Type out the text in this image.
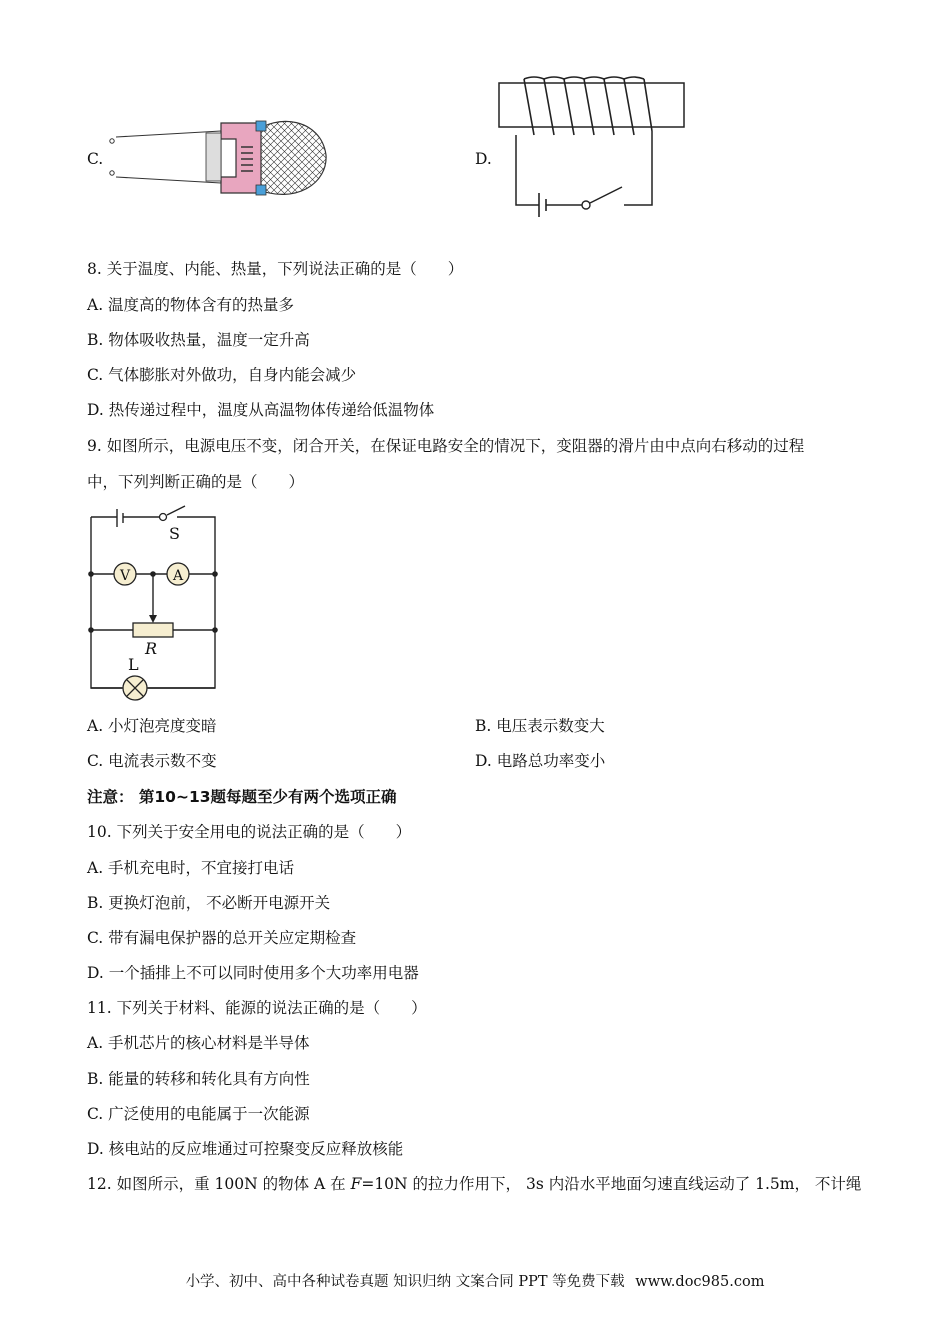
C.	D.
8. 关于温度、内能、热量，下列说法正确的是（　　）
A. 温度高的物体含有的热量多
B. 物体吸收热量，温度一定升高
C. 气体膨胀对外做功，自身内能会减少
D. 热传递过程中，温度从高温物体传递给低温物体
9. 如图所示，电源电压不变，闭合开关，在保证电路安全的情况下，变阻器的滑片由中点向右移动的过程
中，下列判断正确的是（　　）
S
V	A
R
L
A. 小灯泡亮度变暗	B. 电压表示数变大
C. 电流表示数不变	D. 电路总功率变小
注意： 第10~13题每题至少有两个选项正确
10. 下列关于安全用电的说法正确的是（　　）
A. 手机充电时，不宜接打电话
B. 更换灯泡前， 不必断开电源开关
C. 带有漏电保护器的总开关应定期检查
D. 一个插排上不可以同时使用多个大功率用电器
11. 下列关于材料、能源的说法正确的是（　　）
A. 手机芯片的核心材料是半导体
B. 能量的转移和转化具有方向性
C. 广泛使用的电能属于一次能源
D. 核电站的反应堆通过可控聚变反应释放核能
12. 如图所示，重 100N 的物体 A 在 F=10N 的拉力作用下， 3s 内沿水平地面匀速直线运动了 1.5m， 不计绳
小学、初中、高中各种试卷真题 知识归纳 文案合同 PPT 等免费下载 www.doc985.com
